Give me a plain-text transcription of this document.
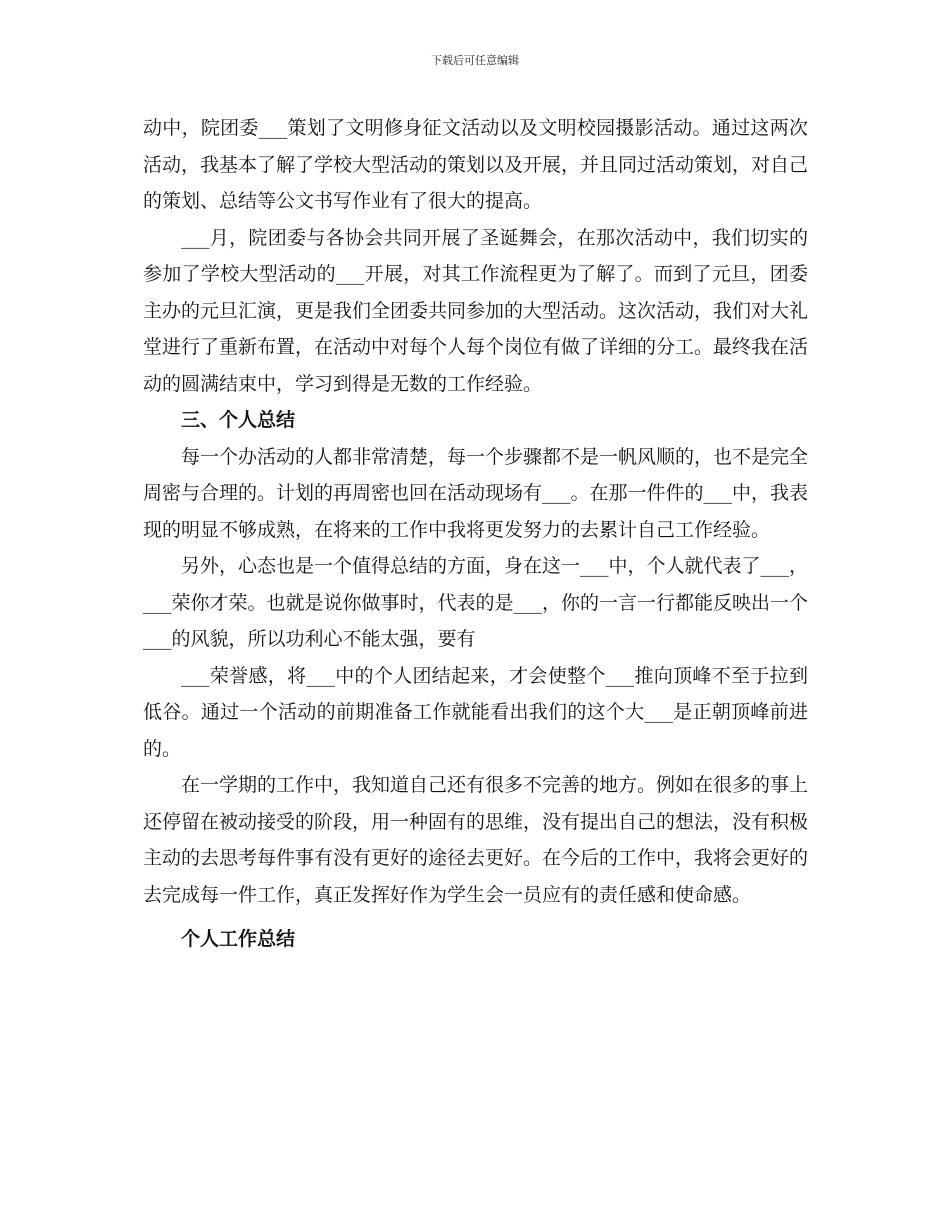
下载后可任意编辑

动中，院团委___策划了文明修身征文活动以及文明校园摄影活动。通过这两次活动，我基本了解了学校大型活动的策划以及开展，并且同过活动策划，对自己的策划、总结等公文书写作业有了很大的提高。

___月，院团委与各协会共同开展了圣诞舞会，在那次活动中，我们切实的参加了学校大型活动的___开展，对其工作流程更为了解了。而到了元旦，团委主办的元旦汇演，更是我们全团委共同参加的大型活动。这次活动，我们对大礼堂进行了重新布置，在活动中对每个人每个岗位有做了详细的分工。最终我在活动的圆满结束中，学习到得是无数的工作经验。

三、个人总结

每一个办活动的人都非常清楚，每一个步骤都不是一帆风顺的，也不是完全周密与合理的。计划的再周密也回在活动现场有___。在那一件件的___中，我表现的明显不够成熟，在将来的工作中我将更发努力的去累计自己工作经验。

另外，心态也是一个值得总结的方面，身在这一___中，个人就代表了___，___荣你才荣。也就是说你做事时，代表的是___，你的一言一行都能反映出一个___的风貌，所以功利心不能太强，要有

___荣誉感，将___中的个人团结起来，才会使整个___推向顶峰不至于拉到低谷。通过一个活动的前期准备工作就能看出我们的这个大___是正朝顶峰前进的。

在一学期的工作中，我知道自己还有很多不完善的地方。例如在很多的事上还停留在被动接受的阶段，用一种固有的思维，没有提出自己的想法，没有积极主动的去思考每件事有没有更好的途径去更好。在今后的工作中，我将会更好的去完成每一件工作，真正发挥好作为学生会一员应有的责任感和使命感。

个人工作总结
